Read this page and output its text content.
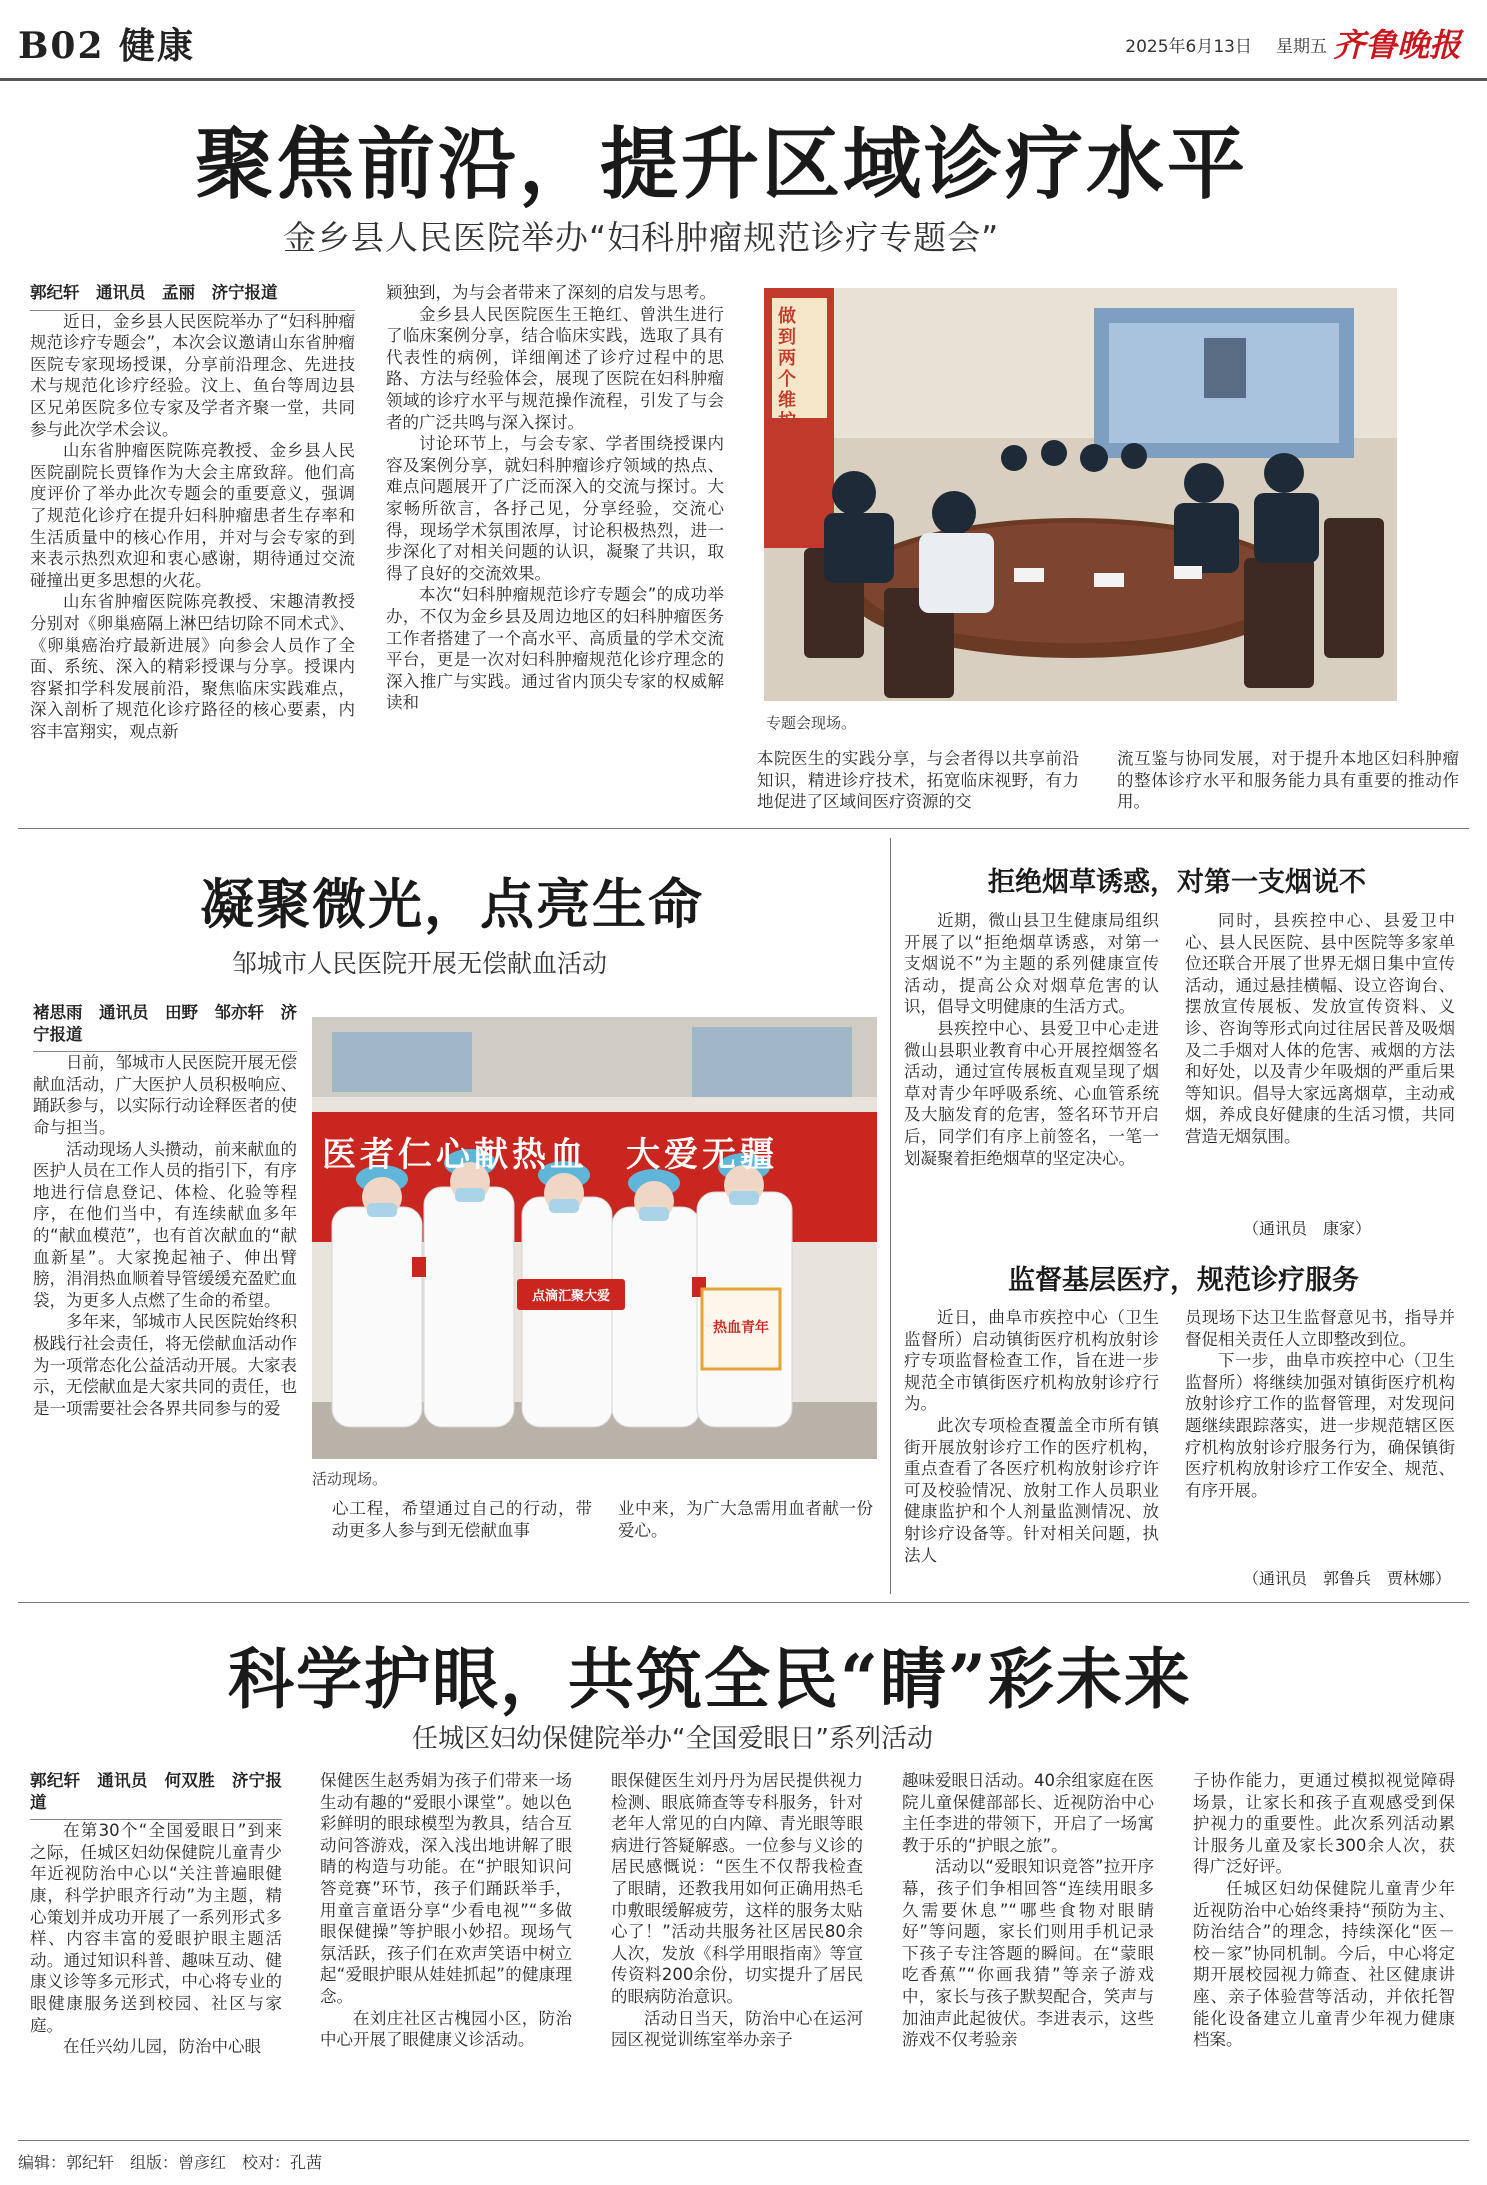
B02 健康	2025年6月13日 星期五 齐鲁晚报
聚焦前沿，提升区域诊疗水平
金乡县人民医院举办“妇科肿瘤规范诊疗专题会”

郭纪轩　通讯员　孟丽　济宁报道

近日，金乡县人民医院举办了“妇科肿瘤规范诊疗专题会”，本次会议邀请山东省肿瘤医院专家现场授课，分享前沿理念、先进技术与规范化诊疗经验。汶上、鱼台等周边县区兄弟医院多位专家及学者齐聚一堂，共同参与此次学术会议。

山东省肿瘤医院陈亮教授、金乡县人民医院副院长贾锋作为大会主席致辞。他们高度评价了举办此次专题会的重要意义，强调了规范化诊疗在提升妇科肿瘤患者生存率和生活质量中的核心作用，并对与会专家的到来表示热烈欢迎和衷心感谢，期待通过交流碰撞出更多思想的火花。

山东省肿瘤医院陈亮教授、宋趣清教授分别对《卵巢癌隔上淋巴结切除不同术式》、《卵巢癌治疗最新进展》向参会人员作了全面、系统、深入的精彩授课与分享。授课内容紧扣学科发展前沿，聚焦临床实践难点，深入剖析了规范化诊疗路径的核心要素，内容丰富翔实，观点新

颖独到，为与会者带来了深刻的启发与思考。

金乡县人民医院医生王艳红、曾洪生进行了临床案例分享，结合临床实践，选取了具有代表性的病例，详细阐述了诊疗过程中的思路、方法与经验体会，展现了医院在妇科肿瘤领域的诊疗水平与规范操作流程，引发了与会者的广泛共鸣与深入探讨。

讨论环节上，与会专家、学者围绕授课内容及案例分享，就妇科肿瘤诊疗领域的热点、难点问题展开了广泛而深入的交流与探讨。大家畅所欲言，各抒己见，分享经验，交流心得，现场学术氛围浓厚，讨论积极热烈，进一步深化了对相关问题的认识，凝聚了共识，取得了良好的交流效果。

本次“妇科肿瘤规范诊疗专题会”的成功举办，不仅为金乡县及周边地区的妇科肿瘤医务工作者搭建了一个高水平、高质量的学术交流平台，更是一次对妇科肿瘤规范化诊疗理念的深入推广与实践。通过省内顶尖专家的权威解读和

做到两个维护
专题会现场。

本院医生的实践分享，与会者得以共享前沿知识，精进诊疗技术，拓宽临床视野，有力地促进了区域间医疗资源的交

流互鉴与协同发展，对于提升本地区妇科肿瘤的整体诊疗水平和服务能力具有重要的推动作用。

凝聚微光，点亮生命
邹城市人民医院开展无偿献血活动

褚思雨　通讯员　田野　邹亦轩　济宁报道

日前，邹城市人民医院开展无偿献血活动，广大医护人员积极响应、踊跃参与，以实际行动诠释医者的使命与担当。

活动现场人头攒动，前来献血的医护人员在工作人员的指引下，有序地进行信息登记、体检、化验等程序，在他们当中，有连续献血多年的“献血模范”，也有首次献血的“献血新星”。大家挽起袖子、伸出臂膀，涓涓热血顺着导管缓缓充盈贮血袋，为更多人点燃了生命的希望。

多年来，邹城市人民医院始终积极践行社会责任，将无偿献血活动作为一项常态化公益活动开展。大家表示，无偿献血是大家共同的责任，也是一项需要社会各界共同参与的爱

医者仁心献热血　大爱无疆
点滴汇聚大爱
热血青年
活动现场。

心工程，希望通过自己的行动，带动更多人参与到无偿献血事

业中来，为广大急需用血者献一份爱心。

拒绝烟草诱惑，对第一支烟说不

近期，微山县卫生健康局组织开展了以“拒绝烟草诱惑，对第一支烟说不”为主题的系列健康宣传活动，提高公众对烟草危害的认识，倡导文明健康的生活方式。

县疾控中心、县爱卫中心走进微山县职业教育中心开展控烟签名活动，通过宣传展板直观呈现了烟草对青少年呼吸系统、心血管系统及大脑发育的危害，签名环节开启后，同学们有序上前签名，一笔一划凝聚着拒绝烟草的坚定决心。

同时，县疾控中心、县爱卫中心、县人民医院、县中医院等多家单位还联合开展了世界无烟日集中宣传活动，通过悬挂横幅、设立咨询台、摆放宣传展板、发放宣传资料、义诊、咨询等形式向过往居民普及吸烟及二手烟对人体的危害、戒烟的方法和好处，以及青少年吸烟的严重后果等知识。倡导大家远离烟草，主动戒烟，养成良好健康的生活习惯，共同营造无烟氛围。

（通讯员　康家）
监督基层医疗，规范诊疗服务

近日，曲阜市疾控中心（卫生监督所）启动镇街医疗机构放射诊疗专项监督检查工作，旨在进一步规范全市镇街医疗机构放射诊疗行为。

此次专项检查覆盖全市所有镇街开展放射诊疗工作的医疗机构，重点查看了各医疗机构放射诊疗许可及校验情况、放射工作人员职业健康监护和个人剂量监测情况、放射诊疗设备等。针对相关问题，执法人

员现场下达卫生监督意见书，指导并督促相关责任人立即整改到位。

下一步，曲阜市疾控中心（卫生监督所）将继续加强对镇街医疗机构放射诊疗工作的监督管理，对发现问题继续跟踪落实，进一步规范辖区医疗机构放射诊疗服务行为，确保镇街医疗机构放射诊疗工作安全、规范、有序开展。

（通讯员　郭鲁兵　贾林娜）
科学护眼，共筑全民“睛”彩未来
任城区妇幼保健院举办“全国爱眼日”系列活动

郭纪轩　通讯员　何双胜　济宁报道

在第30个“全国爱眼日”到来之际，任城区妇幼保健院儿童青少年近视防治中心以“关注普遍眼健康，科学护眼齐行动”为主题，精心策划并成功开展了一系列形式多样、内容丰富的爱眼护眼主题活动。通过知识科普、趣味互动、健康义诊等多元形式，中心将专业的眼健康服务送到校园、社区与家庭。

在任兴幼儿园，防治中心眼

保健医生赵秀娟为孩子们带来一场生动有趣的“爱眼小课堂”。她以色彩鲜明的眼球模型为教具，结合互动问答游戏，深入浅出地讲解了眼睛的构造与功能。在“护眼知识问答竞赛”环节，孩子们踊跃举手，用童言童语分享“少看电视”“多做眼保健操”等护眼小妙招。现场气氛活跃，孩子们在欢声笑语中树立起“爱眼护眼从娃娃抓起”的健康理念。

在刘庄社区古槐园小区，防治中心开展了眼健康义诊活动。

眼保健医生刘丹丹为居民提供视力检测、眼底筛查等专科服务，针对老年人常见的白内障、青光眼等眼病进行答疑解惑。一位参与义诊的居民感慨说：“医生不仅帮我检查了眼睛，还教我用如何正确用热毛巾敷眼缓解疲劳，这样的服务太贴心了！”活动共服务社区居民80余人次，发放《科学用眼指南》等宣传资料200余份，切实提升了居民的眼病防治意识。

活动日当天，防治中心在运河园区视觉训练室举办亲子

趣味爱眼日活动。40余组家庭在医院儿童保健部部长、近视防治中心主任李进的带领下，开启了一场寓教于乐的“护眼之旅”。

活动以“爱眼知识竞答”拉开序幕，孩子们争相回答“连续用眼多久需要休息”“哪些食物对眼睛好”等问题，家长们则用手机记录下孩子专注答题的瞬间。在“蒙眼吃香蕉”“你画我猜”等亲子游戏中，家长与孩子默契配合，笑声与加油声此起彼伏。李进表示，这些游戏不仅考验亲

子协作能力，更通过模拟视觉障碍场景，让家长和孩子直观感受到保护视力的重要性。此次系列活动累计服务儿童及家长300余人次，获得广泛好评。

任城区妇幼保健院儿童青少年近视防治中心始终秉持“预防为主、防治结合”的理念，持续深化“医－校－家”协同机制。今后，中心将定期开展校园视力筛查、社区健康讲座、亲子体验营等活动，并依托智能化设备建立儿童青少年视力健康档案。

编辑：郭纪轩　组版：曾彦红　校对：孔茜
